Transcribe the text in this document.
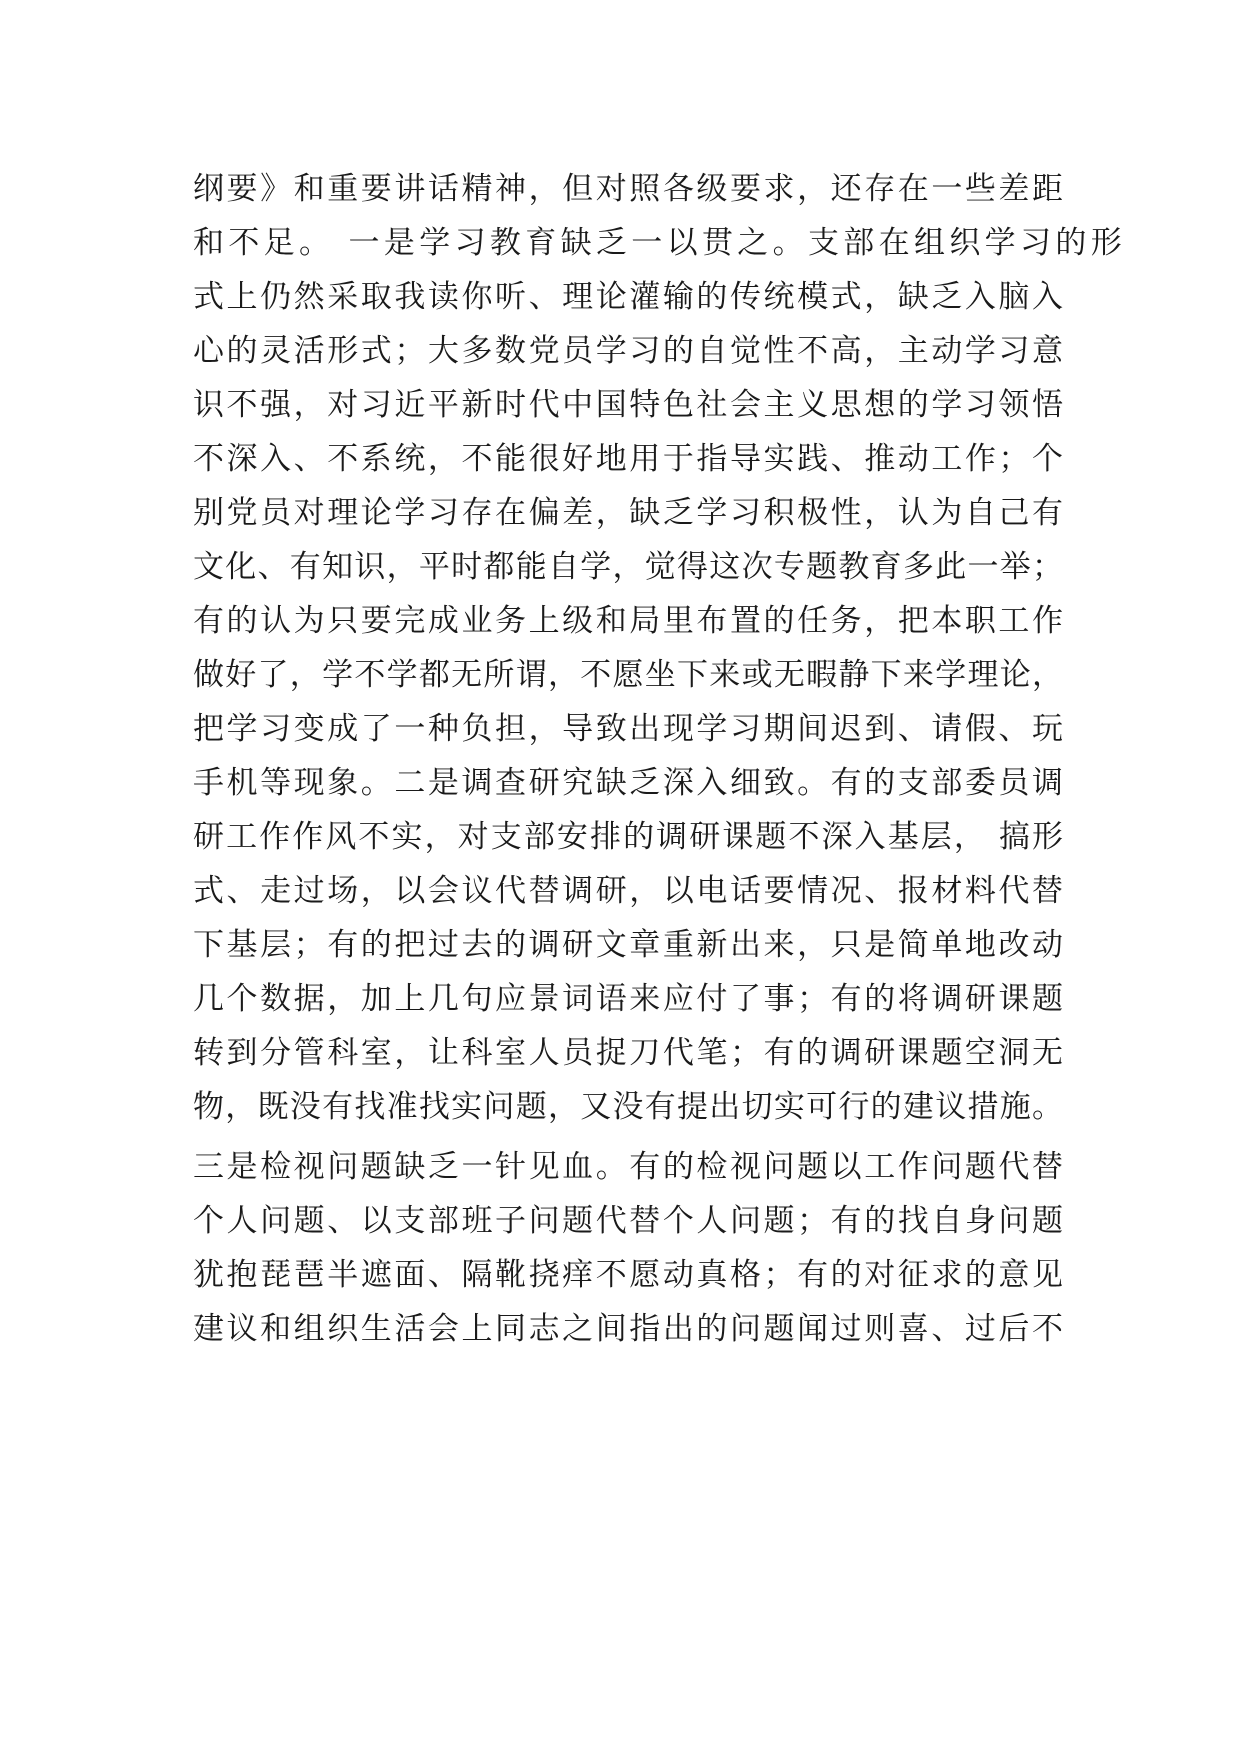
纲要》和重要讲话精神，但对照各级要求，还存在一些差距
和不足。 一是学习教育缺乏一以贯之。支部在组织学习的形
式上仍然采取我读你听、理论灌输的传统模式，缺乏入脑入
心的灵活形式；大多数党员学习的自觉性不高，主动学习意
识不强，对习近平新时代中国特色社会主义思想的学习领悟
不深入、不系统，不能很好地用于指导实践、推动工作；个
别党员对理论学习存在偏差，缺乏学习积极性，认为自己有
文化、有知识，平时都能自学，觉得这次专题教育多此一举；
有的认为只要完成业务上级和局里布置的任务，把本职工作
做好了，学不学都无所谓，不愿坐下来或无暇静下来学理论，
把学习变成了一种负担，导致出现学习期间迟到、请假、玩
手机等现象。二是调查研究缺乏深入细致。有的支部委员调
研工作作风不实，对支部安排的调研课题不深入基层， 搞形
式、走过场，以会议代替调研，以电话要情况、报材料代替
下基层；有的把过去的调研文章重新出来，只是简单地改动
几个数据，加上几句应景词语来应付了事；有的将调研课题
转到分管科室，让科室人员捉刀代笔；有的调研课题空洞无
物，既没有找准找实问题，又没有提出切实可行的建议措施。
三是检视问题缺乏一针见血。有的检视问题以工作问题代替
个人问题、以支部班子问题代替个人问题；有的找自身问题
犹抱琵琶半遮面、隔靴挠痒不愿动真格；有的对征求的意见
建议和组织生活会上同志之间指出的问题闻过则喜、过后不
